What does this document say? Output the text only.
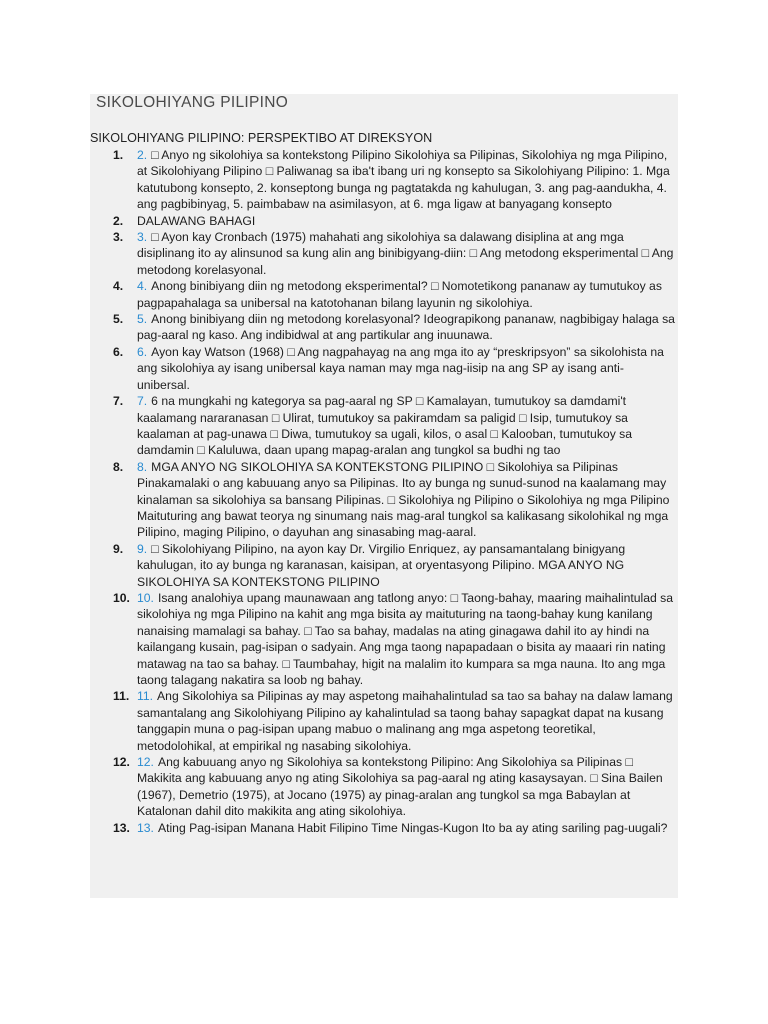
SIKOLOHIYANG PILIPINO
SIKOLOHIYANG PILIPINO: PERSPEKTIBO AT DIREKSYON
1.	2. □ Anyo ng sikolohiya sa kontekstong Pilipino Sikolohiya sa Pilipinas, Sikolohiya ng mga Pilipino, at Sikolohiyang Pilipino □ Paliwanag sa iba't ibang uri ng konsepto sa Sikolohiyang Pilipino: 1. Mga katutubong konsepto, 2. konseptong bunga ng pagtatakda ng kahulugan, 3. ang pag-aandukha, 4. ang pagbibinyag, 5. paimbabaw na asimilasyon, at 6. mga ligaw at banyagang konsepto
2.	DALAWANG BAHAGI
3.	3. □ Ayon kay Cronbach (1975) mahahati ang sikolohiya sa dalawang disiplina at ang mga disiplinang ito ay alinsunod sa kung alin ang binibigyang-diin: □ Ang metodong eksperimental □ Ang metodong korelasyonal.
4.	4. Anong binibiyang diin ng metodong eksperimental? □ Nomotetikong pananaw ay tumutukoy as pagpapahalaga sa unibersal na katotohanan bilang layunin ng sikolohiya.
5.	5. Anong binibiyang diin ng metodong korelasyonal? Ideograpikong pananaw, nagbibigay halaga sa pag-aaral ng kaso. Ang indibidwal at ang partikular ang inuunawa.
6.	6. Ayon kay Watson (1968) □ Ang nagpahayag na ang mga ito ay “preskripsyon” sa sikolohista na ang sikolohiya ay isang unibersal kaya naman may mga nag-iisip na ang SP ay isang anti-unibersal.
7.	7. 6 na mungkahi ng kategorya sa pag-aaral ng SP □ Kamalayan, tumutukoy sa damdami't kaalamang nararanasan □ Ulirat, tumutukoy sa pakiramdam sa paligid □ Isip, tumutukoy sa kaalaman at pag-unawa □ Diwa, tumutukoy sa ugali, kilos, o asal □ Kalooban, tumutukoy sa damdamin □ Kaluluwa, daan upang mapag-aralan ang tungkol sa budhi ng tao
8.	8. MGA ANYO NG SIKOLOHIYA SA KONTEKSTONG PILIPINO □ Sikolohiya sa Pilipinas Pinakamalaki o ang kabuuang anyo sa Pilipinas. Ito ay bunga ng sunud-sunod na kaalamang may kinalaman sa sikolohiya sa bansang Pilipinas. □ Sikolohiya ng Pilipino o Sikolohiya ng mga Pilipino Maituturing ang bawat teorya ng sinumang nais mag-aral tungkol sa kalikasang sikolohikal ng mga Pilipino, maging Pilipino, o dayuhan ang sinasabing mag-aaral.
9.	9. □ Sikolohiyang Pilipino, na ayon kay Dr. Virgilio Enriquez, ay pansamantalang binigyang kahulugan, ito ay bunga ng karanasan, kaisipan, at oryentasyong Pilipino. MGA ANYO NG SIKOLOHIYA SA KONTEKSTONG PILIPINO
10. 10. Isang analohiya upang maunawaan ang tatlong anyo: □ Taong-bahay, maaring maihalintulad sa sikolohiya ng mga Pilipino na kahit ang mga bisita ay maituturing na taong-bahay kung kanilang nanaising mamalagi sa bahay. □ Tao sa bahay, madalas na ating ginagawa dahil ito ay hindi na kailangang kusain, pag-isipan o sadyain. Ang mga taong napapadaan o bisita ay maaari rin nating matawag na tao sa bahay. □ Taumbahay, higit na malalim ito kumpara sa mga nauna. Ito ang mga taong talagang nakatira sa loob ng bahay.
11. 11. Ang Sikolohiya sa Pilipinas ay may aspetong maihahalintulad sa tao sa bahay na dalaw lamang samantalang ang Sikolohiyang Pilipino ay kahalintulad sa taong bahay sapagkat dapat na kusang tanggapin muna o pag-isipan upang mabuo o malinang ang mga aspetong teoretikal, metodolohikal, at empirikal ng nasabing sikolohiya.
12. 12. Ang kabuuang anyo ng Sikolohiya sa kontekstong Pilipino: Ang Sikolohiya sa Pilipinas □ Makikita ang kabuuang anyo ng ating Sikolohiya sa pag-aaral ng ating kasaysayan. □ Sina Bailen (1967), Demetrio (1975), at Jocano (1975) ay pinag-aralan ang tungkol sa mga Babaylan at Katalonan dahil dito makikita ang ating sikolohiya.
13. 13. Ating Pag-isipan Manana Habit Filipino Time Ningas-Kugon Ito ba ay ating sariling pag-uugali?
